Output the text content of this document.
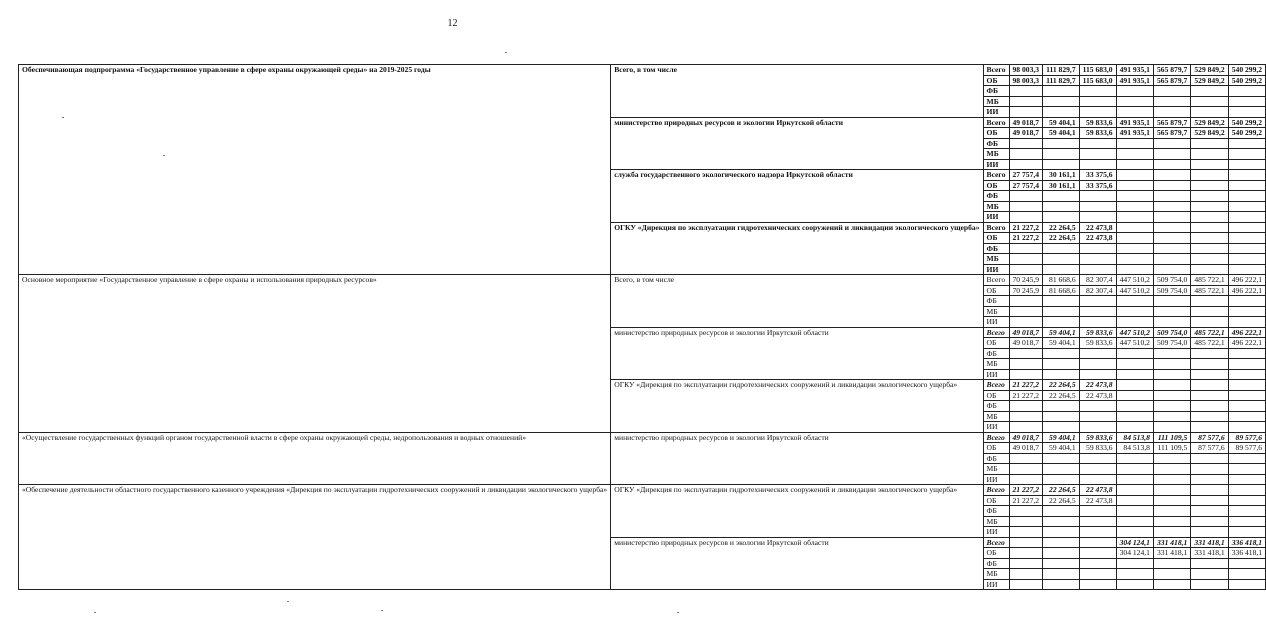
12
Обеспечивающая подпрограмма «Государственное управление в сфере охраны окружающей среды» на 2019-2025 годы	Всего, в том числе	Всего	98 003,3	111 829,7	115 683,0	491 935,1	565 879,7	529 849,2	540 299,2
		ОБ	98 003,3	111 829,7	115 683,0	491 935,1	565 879,7	529 849,2	540 299,2
		ФБ							
		МБ							
		ИИ							
	министерство природных ресурсов и экологии Иркутской области	Всего	49 018,7	59 404,1	59 833,6	491 935,1	565 879,7	529 849,2	540 299,2
		ОБ	49 018,7	59 404,1	59 833,6	491 935,1	565 879,7	529 849,2	540 299,2
		ФБ							
		МБ							
		ИИ							
	служба государственного экологического надзора Иркутской области	Всего	27 757,4	30 161,1	33 375,6				
		ОБ	27 757,4	30 161,1	33 375,6				
		ФБ							
		МБ							
		ИИ							
	ОГКУ «Дирекция по эксплуатации гидротехнических сооружений и ликвидации экологического ущерба»	Всего	21 227,2	22 264,5	22 473,8				
		ОБ	21 227,2	22 264,5	22 473,8				
		ФБ							
		МБ							
		ИИ							
Основное мероприятие «Государственное управление в сфере охраны и использования природных ресурсов»	Всего, в том числе	Всего	70 245,9	81 668,6	82 307,4	447 510,2	509 754,0	485 722,1	496 222,1
		ОБ	70 245,9	81 668,6	82 307,4	447 510,2	509 754,0	485 722,1	496 222,1
		ФБ							
		МБ							
		ИИ							
	министерство природных ресурсов и экологии Иркутской области	Всего	49 018,7	59 404,1	59 833,6	447 510,2	509 754,0	485 722,1	496 222,1
		ОБ	49 018,7	59 404,1	59 833,6	447 510,2	509 754,0	485 722,1	496 222,1
		ФБ							
		МБ							
		ИИ							
	ОГКУ «Дирекция по эксплуатации гидротехнических сооружений и ликвидации экологического ущерба»	Всего	21 227,2	22 264,5	22 473,8				
		ОБ	21 227,2	22 264,5	22 473,8				
		ФБ							
		МБ							
		ИИ							
«Осуществление государственных функций органом государственной власти в сфере охраны окружающей среды, недропользования и водных отношений»	министерство природных ресурсов и экологии Иркутской области	Всего	49 018,7	59 404,1	59 833,6	84 513,8	111 109,5	87 577,6	89 577,6
		ОБ	49 018,7	59 404,1	59 833,6	84 513,8	111 109,5	87 577,6	89 577,6
		ФБ							
		МБ							
		ИИ							
«Обеспечение деятельности областного государственного казенного учреждения «Дирекция по эксплуатации гидротехнических сооружений и ликвидации экологического ущерба»	ОГКУ «Дирекция по эксплуатации гидротехнических сооружений и ликвидации экологического ущерба»	Всего	21 227,2	22 264,5	22 473,8				
		ОБ	21 227,2	22 264,5	22 473,8				
		ФБ							
		МБ							
		ИИ							
	министерство природных ресурсов и экологии Иркутской области	Всего				304 124,1	331 418,1	331 418,1	336 418,1
		ОБ				304 124,1	331 418,1	331 418,1	336 418,1
		ФБ							
		МБ							
		ИИ							
